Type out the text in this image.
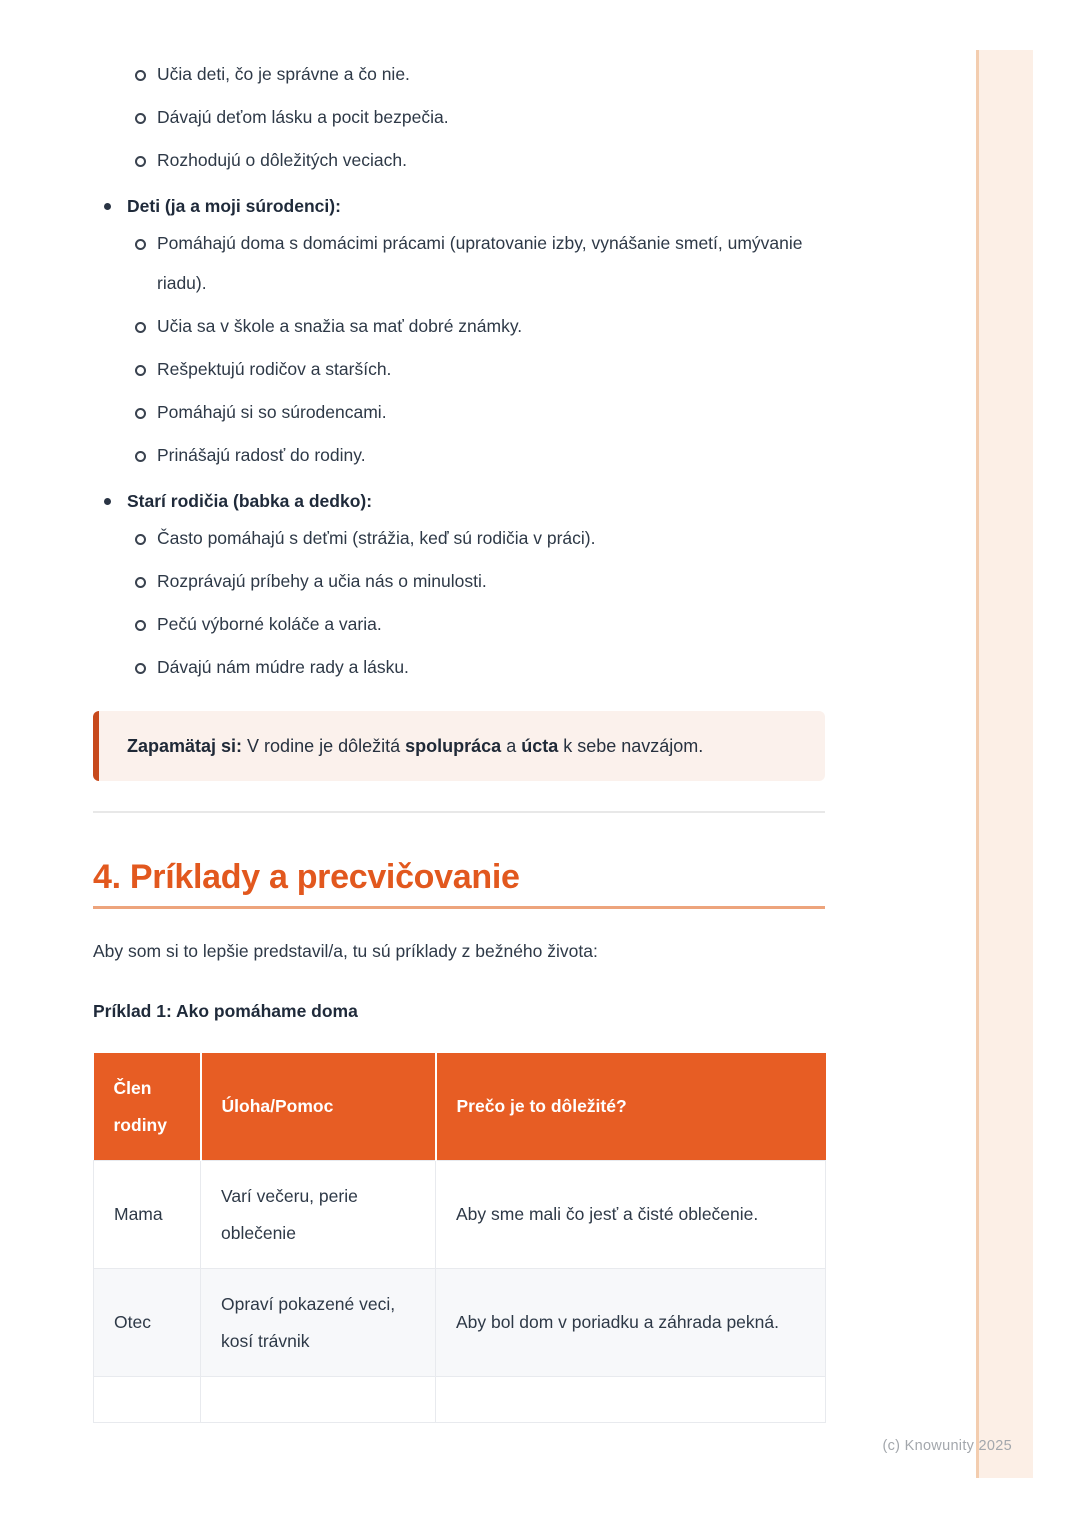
Učia deti, čo je správne a čo nie.
Dávajú deťom lásku a pocit bezpečia.
Rozhodujú o dôležitých veciach.
Deti (ja a moji súrodenci):
Pomáhajú doma s domácimi prácami (upratovanie izby, vynášanie smetí, umývanie riadu).
Učia sa v škole a snažia sa mať dobré známky.
Rešpektujú rodičov a starších.
Pomáhajú si so súrodencami.
Prinášajú radosť do rodiny.
Starí rodičia (babka a dedko):
Často pomáhajú s deťmi (strážia, keď sú rodičia v práci).
Rozprávajú príbehy a učia nás o minulosti.
Pečú výborné koláče a varia.
Dávajú nám múdre rady a lásku.

Zapamätaj si: V rodine je dôležitá spolupráca a úcta k sebe navzájom.

4. Príklady a precvičovanie

Aby som si to lepšie predstavil/a, tu sú príklady z bežného života:

Príklad 1: Ako pomáhame doma

Člen rodiny	Úloha/Pomoc	Prečo je to dôležité?
Mama	Varí večeru, perie oblečenie	Aby sme mali čo jesť a čisté oblečenie.
Otec	Opraví pokazené veci, kosí trávnik	Aby bol dom v poriadku a záhrada pekná.

(c) Knowunity 2025
